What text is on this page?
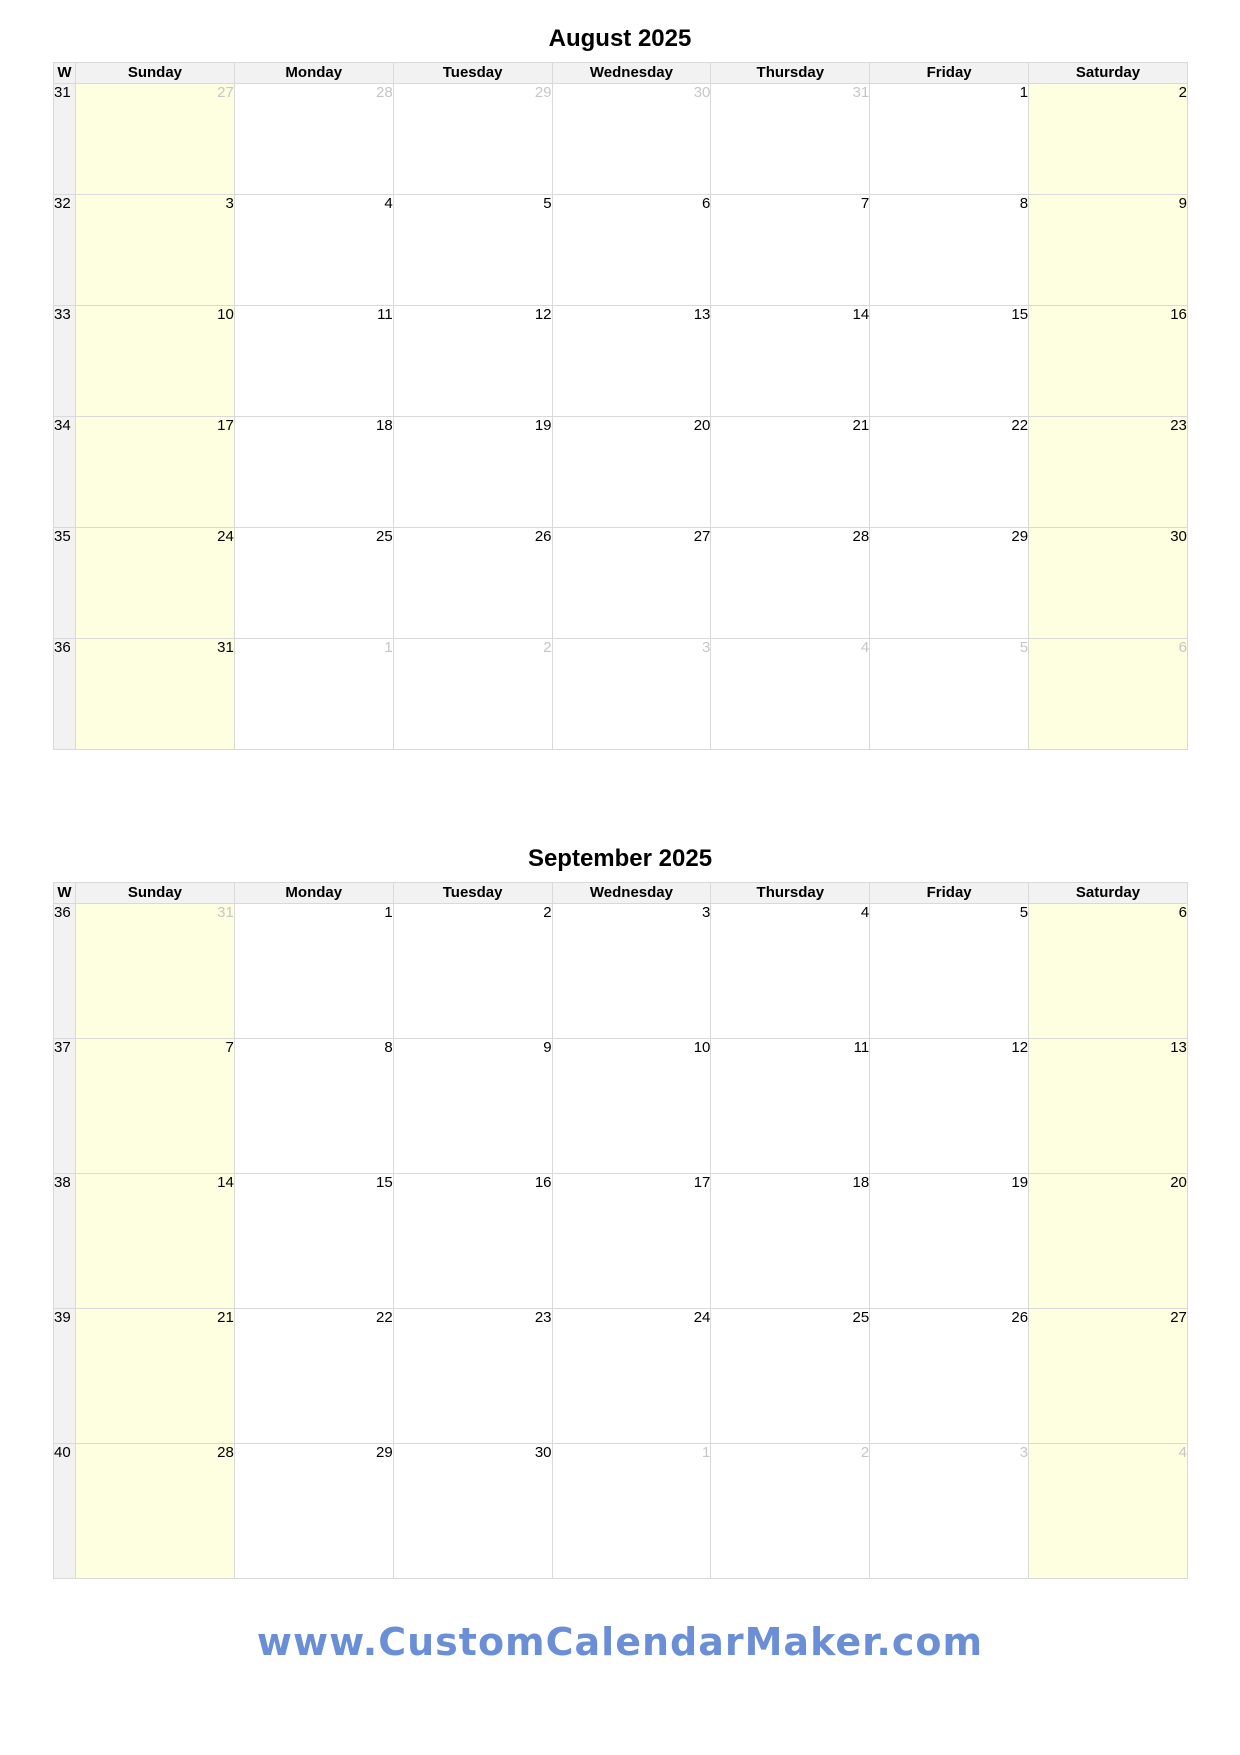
August 2025
W	Sunday	Monday	Tuesday	Wednesday	Thursday	Friday	Saturday
31	27	28	29	30	31	1	2
32	3	4	5	6	7	8	9
33	10	11	12	13	14	15	16
34	17	18	19	20	21	22	23
35	24	25	26	27	28	29	30
36	31	1	2	3	4	5	6
September 2025
W	Sunday	Monday	Tuesday	Wednesday	Thursday	Friday	Saturday
36	31	1	2	3	4	5	6
37	7	8	9	10	11	12	13
38	14	15	16	17	18	19	20
39	21	22	23	24	25	26	27
40	28	29	30	1	2	3	4
www.CustomCalendarMaker.com
